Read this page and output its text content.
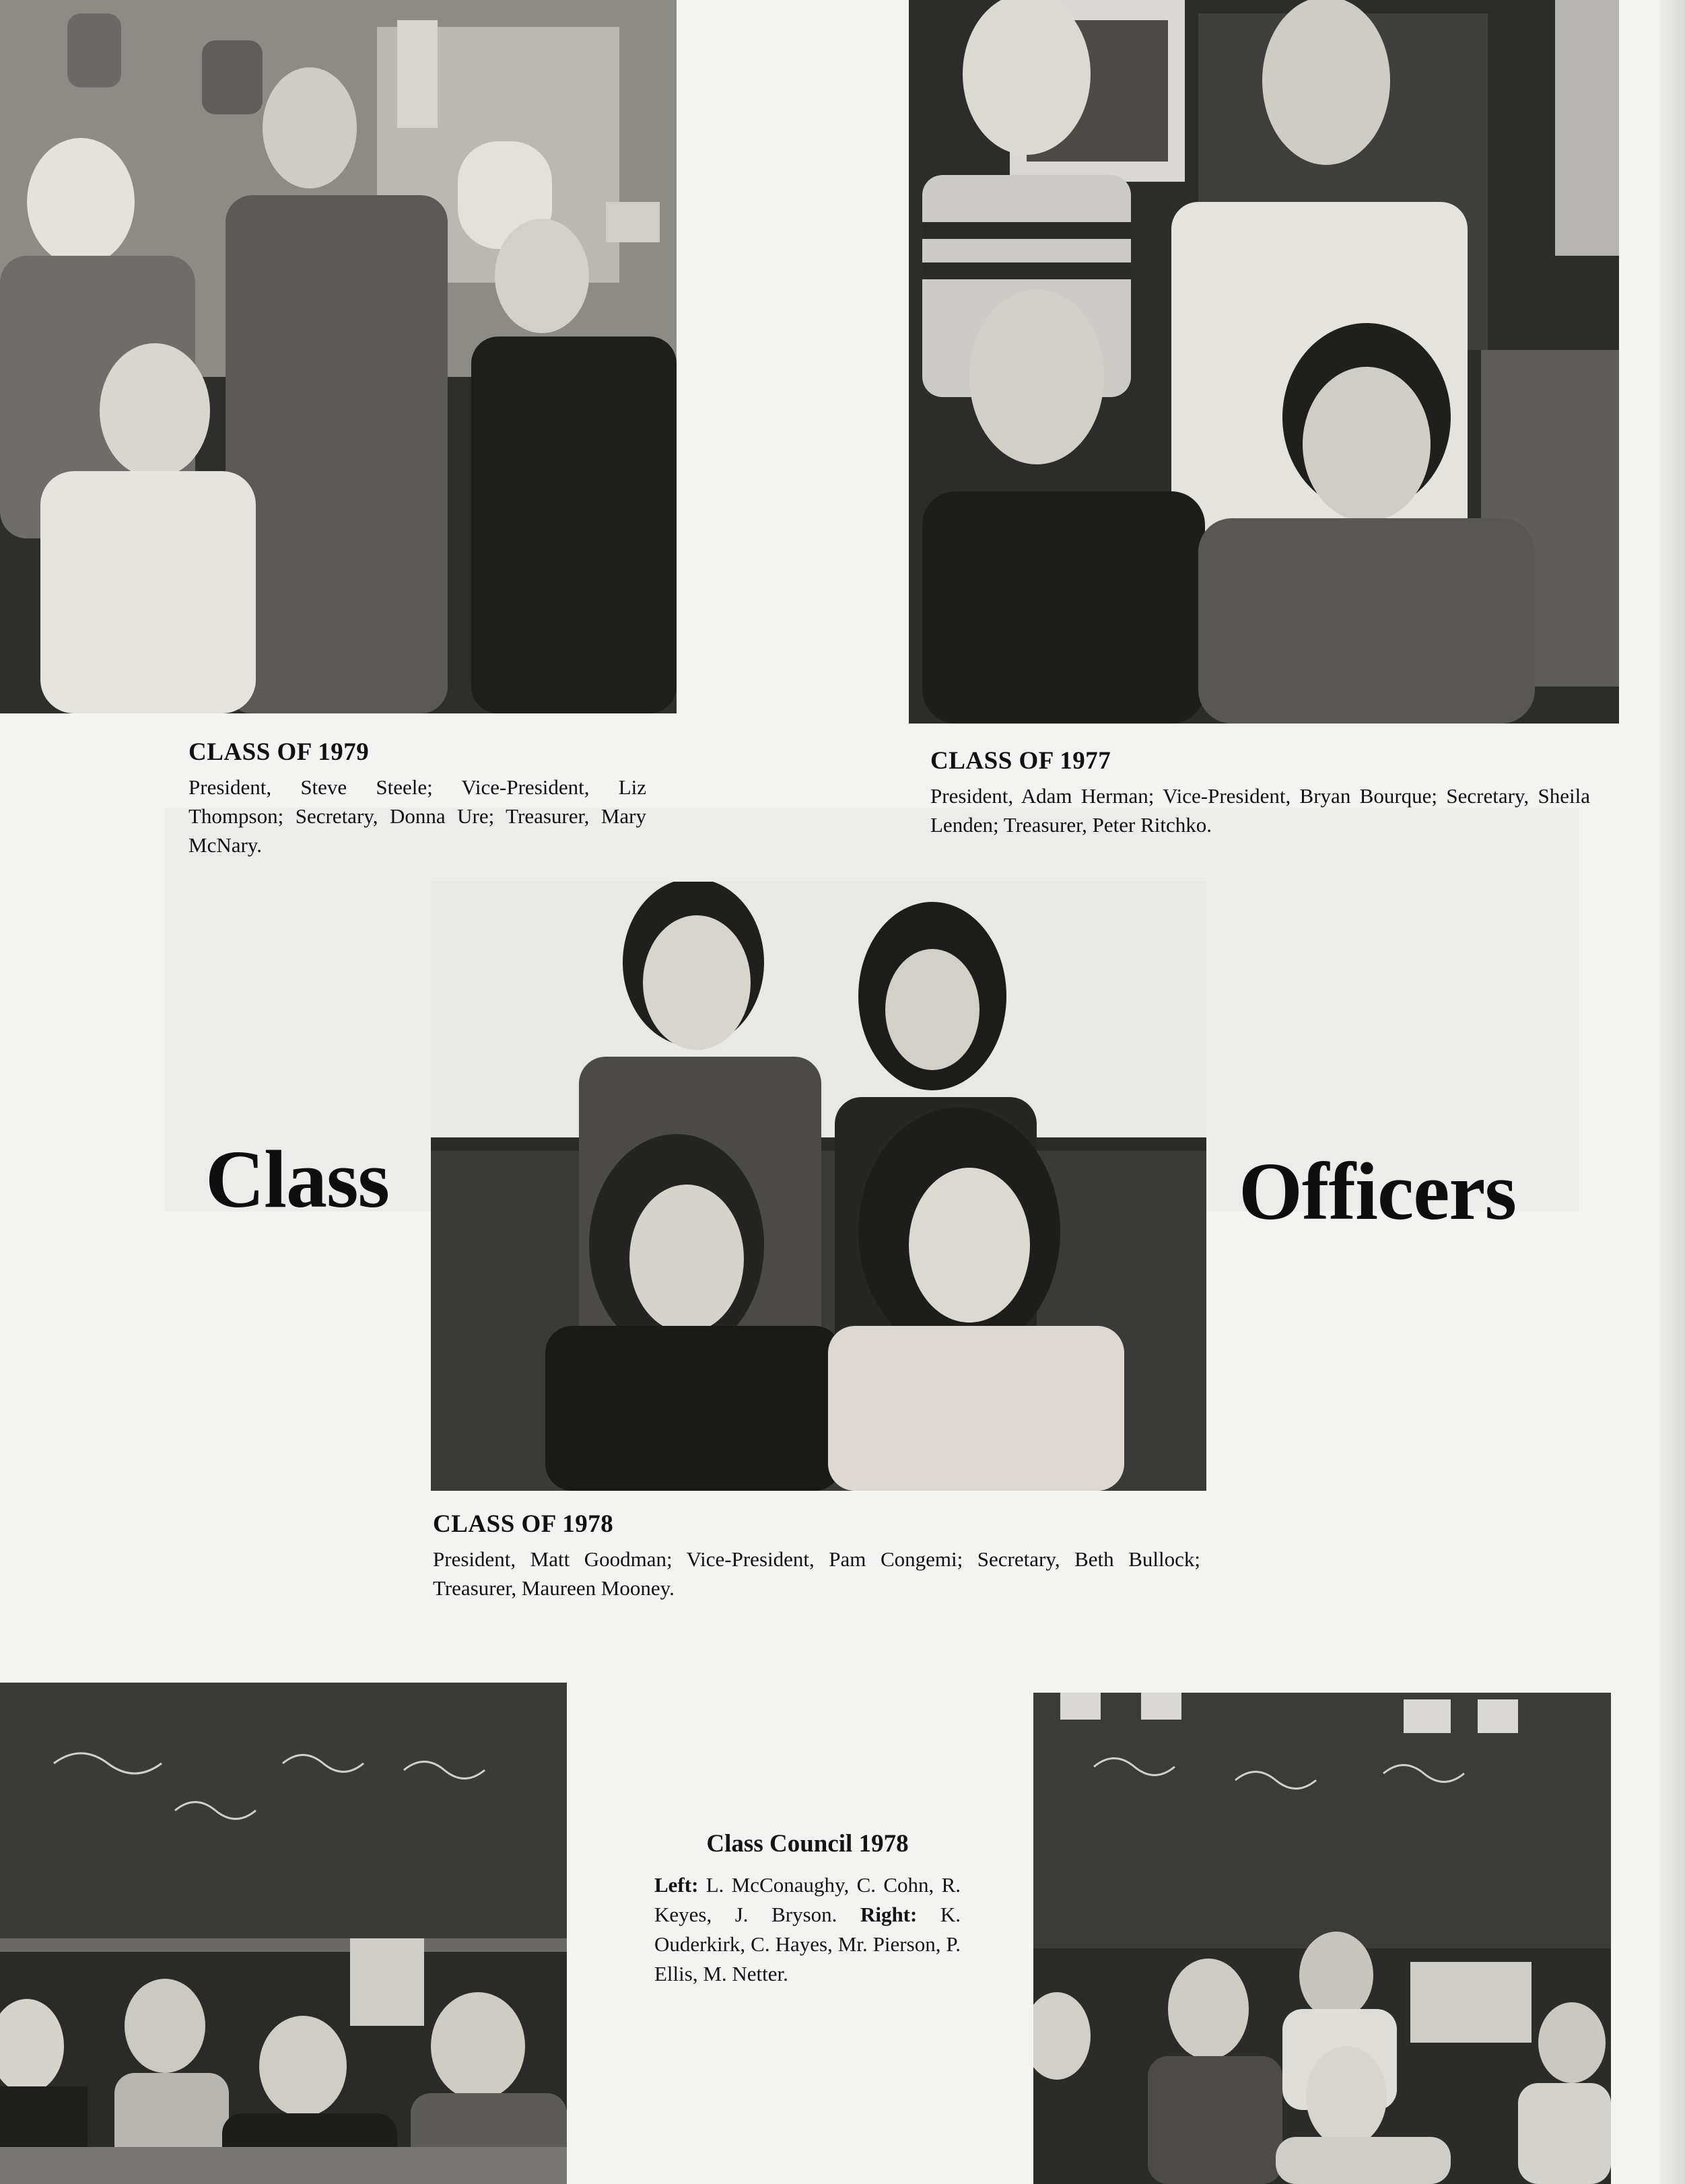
CLASS OF 1979

President, Steve Steele; Vice-President, Liz Thompson; Secretary, Donna Ure; Treasurer, Mary McNary.

CLASS OF 1977

President, Adam Herman; Vice-President, Bryan Bourque; Secretary, Sheila Lenden; Treasurer, Peter Ritchko.

Class	Officers

CLASS OF 1978

President, Matt Goodman; Vice-President, Pam Congemi; Secretary, Beth Bullock; Treasurer, Maureen Mooney.

Class Council 1978

Left: L. McConaughy, C. Cohn, R. Keyes, J. Bryson. Right: K. Ouderkirk, C. Hayes, Mr. Pierson, P. Ellis, M. Netter.
